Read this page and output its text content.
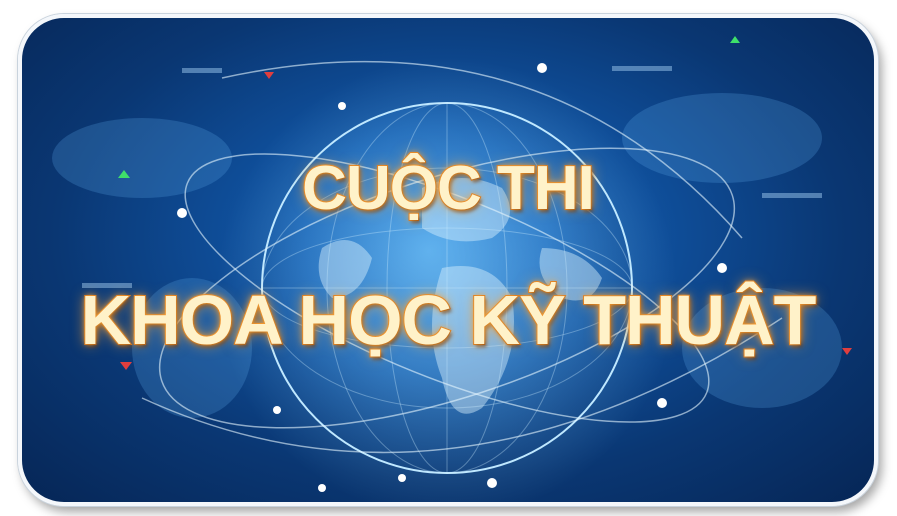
CUỘC THI
KHOA HỌC KỸ THUẬT
